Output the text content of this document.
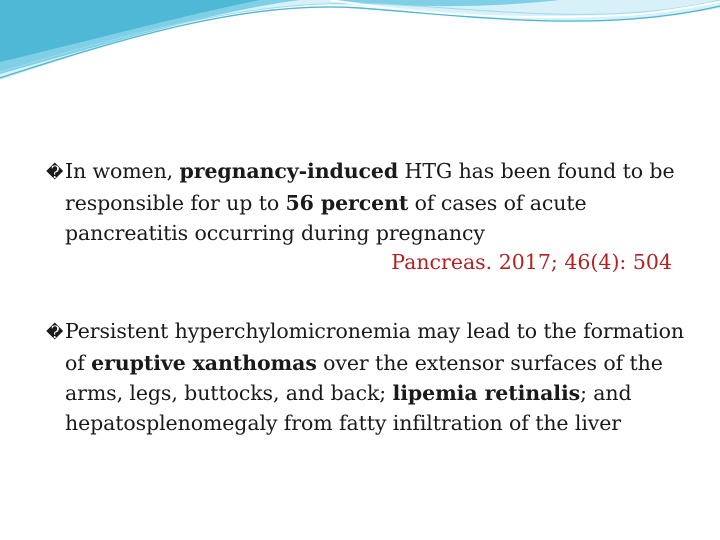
�In women, pregnancy-induced HTG has been found to be responsible for up to 56 percent of cases of acute pancreatitis occurring during pregnancy
Pancreas. 2017; 46(4): 504
�Persistent hyperchylomicronemia may lead to the formation of eruptive xanthomas over the extensor surfaces of the arms, legs, buttocks, and back; lipemia retinalis; and hepatosplenomegaly from fatty infiltration of the liver
